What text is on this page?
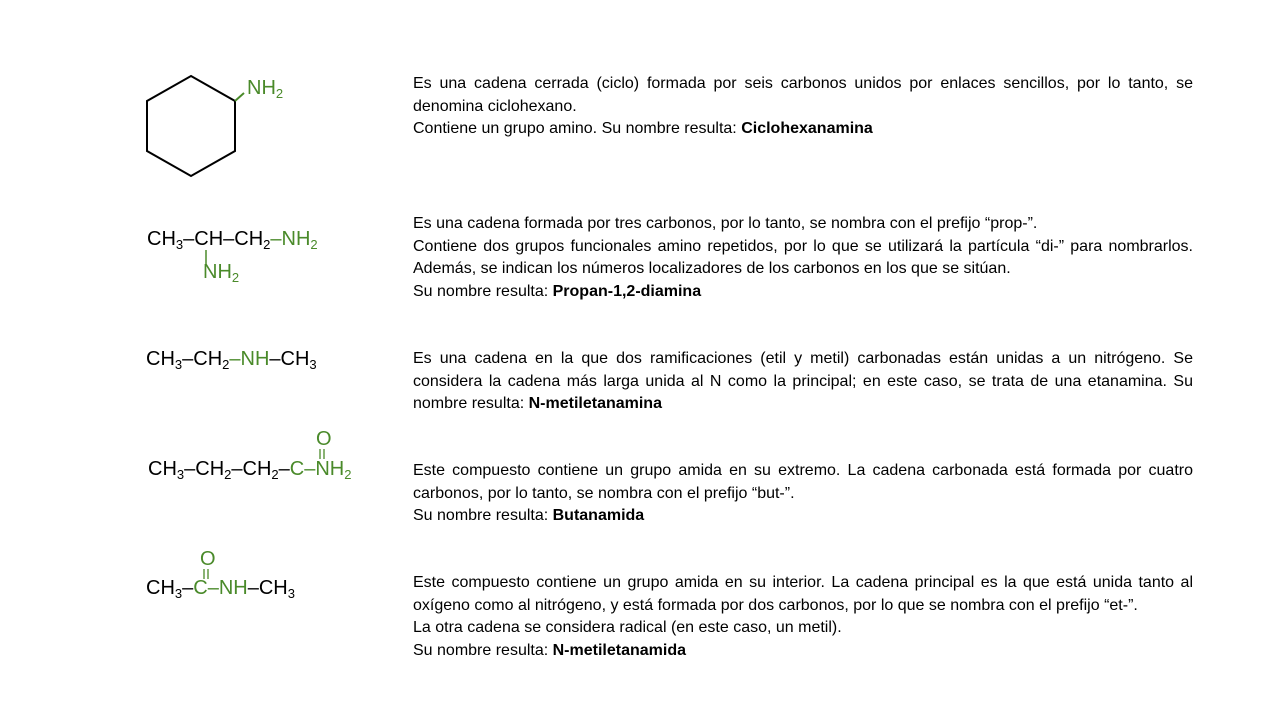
$NH_2$

Es una cadena cerrada (ciclo) formada por seis carbonos unidos por enlaces sencillos, por lo tanto, se denomina ciclohexano.

Contiene un grupo amino. Su nombre resulta: Ciclohexanamina

$CH_3-CH-CH_2-NH_2$
$NH_2$

Es una cadena formada por tres carbonos, por lo tanto, se nombra con el prefijo “prop-”.

Contiene dos grupos funcionales amino repetidos, por lo que se utilizará la partícula “di-” para nombrarlos. Además, se indican los números localizadores de los carbonos en los que se sitúan.

Su nombre resulta: Propan-1,2-diamina

$CH_3-CH_2-NH-CH_3$	Es una cadena en la que dos ramificaciones (etil y metil) carbonadas están unidas a un nitrógeno. Se considera la cadena más larga unida al N como la principal; en este caso, se trata de una etanamina. Su nombre resulta: N-metiletanamina

O
$CH_3-CH_2-CH_2-C-NH_2$	Este compuesto contiene un grupo amida en su extremo. La cadena carbonada está formada por cuatro carbonos, por lo tanto, se nombra con el prefijo “but-”.

Su nombre resulta: Butanamida

O
$CH_3-C-NH-CH_3$

Este compuesto contiene un grupo amida en su interior. La cadena principal es la que está unida tanto al oxígeno como al nitrógeno, y está formada por dos carbonos, por lo que se nombra con el prefijo “et-”.

La otra cadena se considera radical (en este caso, un metil).

Su nombre resulta: N-metiletanamida
